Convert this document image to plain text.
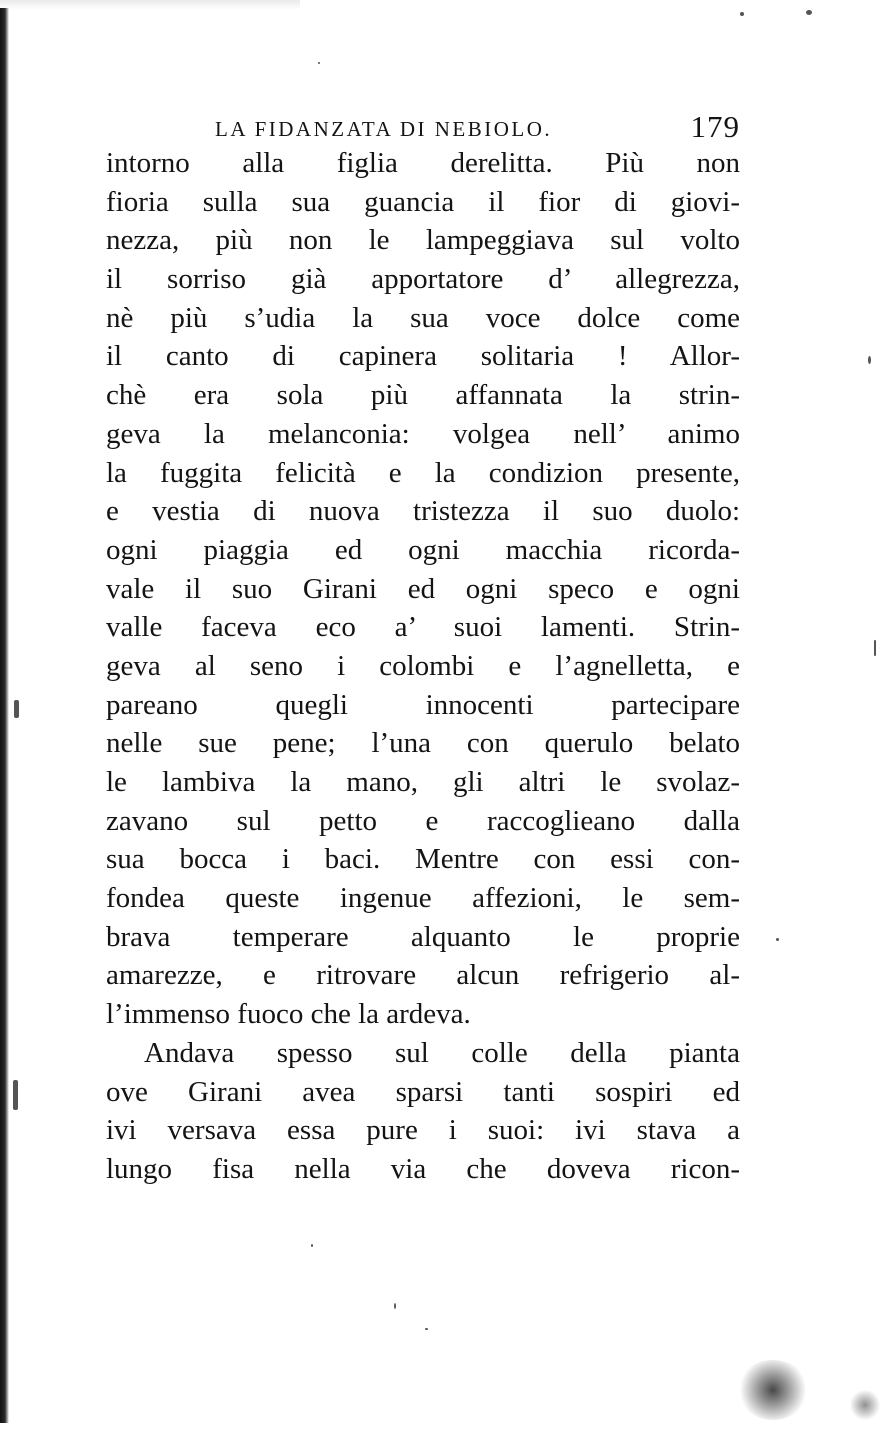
LA FIDANZATA DI NEBIOLO.	179
intorno alla figlia derelitta. Più non
fioria sulla sua guancia il fior di giovi-
nezza, più non le lampeggiava sul volto
il sorriso già apportatore d’ allegrezza,
nè più s’udia la sua voce dolce come
il canto di capinera solitaria ! Allor-
chè era sola più affannata la strin-
geva la melanconia: volgea nell’ animo
la fuggita felicità e la condizion presente,
e vestia di nuova tristezza il suo duolo:
ogni piaggia ed ogni macchia ricorda-
vale il suo Girani ed ogni speco e ogni
valle faceva eco a’ suoi lamenti. Strin-
geva al seno i colombi e l’agnelletta, e
pareano quegli innocenti partecipare
nelle sue pene; l’una con querulo belato
le lambiva la mano, gli altri le svolaz-
zavano sul petto e raccoglieano dalla
sua bocca i baci. Mentre con essi con-
fondea queste ingenue affezioni, le sem-
brava temperare alquanto le proprie
amarezze, e ritrovare alcun refrigerio al-
l’immenso fuoco che la ardeva.
Andava spesso sul colle della pianta
ove Girani avea sparsi tanti sospiri ed
ivi versava essa pure i suoi: ivi stava a
lungo fisa nella via che doveva ricon-
